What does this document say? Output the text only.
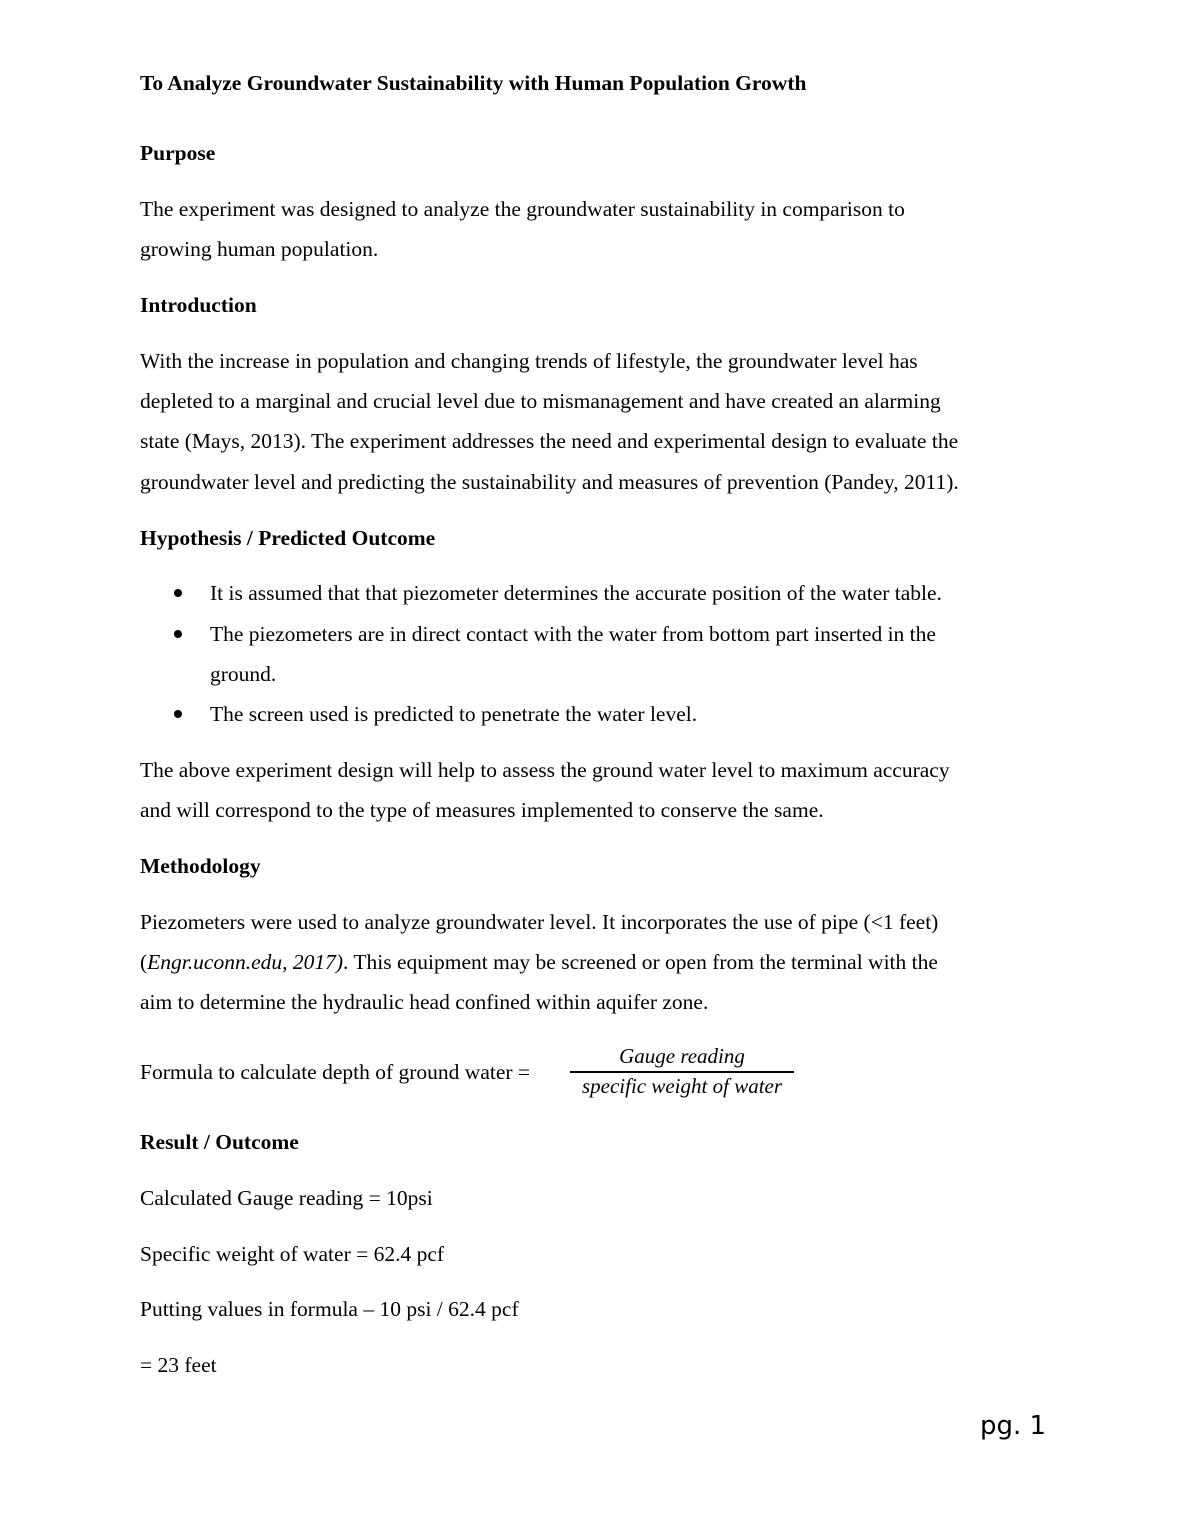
To Analyze Groundwater Sustainability with Human Population Growth
Purpose
The experiment was designed to analyze the groundwater sustainability in comparison to
growing human population.
Introduction
With the increase in population and changing trends of lifestyle, the groundwater level has
depleted to a marginal and crucial level due to mismanagement and have created an alarming
state (Mays, 2013). The experiment addresses the need and experimental design to evaluate the
groundwater level and predicting the sustainability and measures of prevention (Pandey, 2011).
Hypothesis / Predicted Outcome
It is assumed that that piezometer determines the accurate position of the water table.
The piezometers are in direct contact with the water from bottom part inserted in the
ground.
The screen used is predicted to penetrate the water level.
The above experiment design will help to assess the ground water level to maximum accuracy
and will correspond to the type of measures implemented to conserve the same.
Methodology
Piezometers were used to analyze groundwater level. It incorporates the use of pipe (<1 feet)
(Engr.uconn.edu, 2017). This equipment may be screened or open from the terminal with the
aim to determine the hydraulic head confined within aquifer zone.
Formula to calculate depth of ground water =
Gauge reading
specific weight of water
Result / Outcome
Calculated Gauge reading = 10psi
Specific weight of water = 62.4 pcf
Putting values in formula – 10 psi / 62.4 pcf
= 23 feet
pg. 1
